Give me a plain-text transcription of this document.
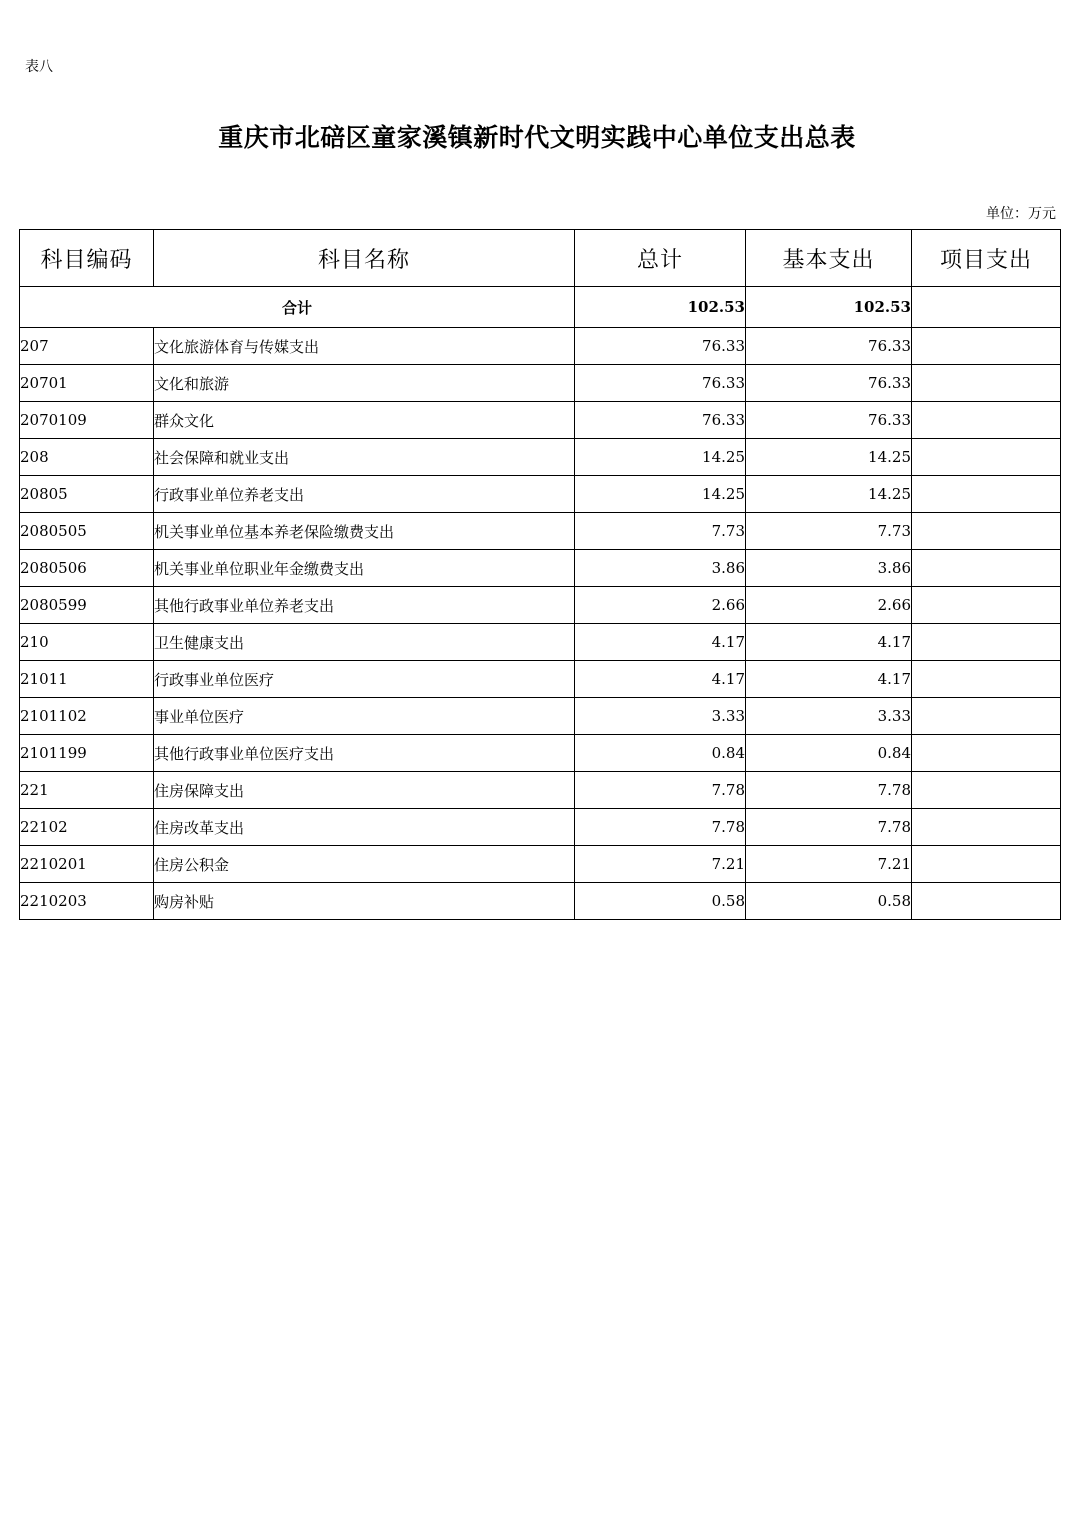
表八
重庆市北碚区童家溪镇新时代文明实践中心单位支出总表
单位：万元
科目编码	科目名称	总计	基本支出	项目支出
合计		102.53	102.53	
207	文化旅游体育与传媒支出	76.33	76.33	
20701	文化和旅游	76.33	76.33	
2070109	群众文化	76.33	76.33	
208	社会保障和就业支出	14.25	14.25	
20805	行政事业单位养老支出	14.25	14.25	
2080505	机关事业单位基本养老保险缴费支出	7.73	7.73	
2080506	机关事业单位职业年金缴费支出	3.86	3.86	
2080599	其他行政事业单位养老支出	2.66	2.66	
210	卫生健康支出	4.17	4.17	
21011	行政事业单位医疗	4.17	4.17	
2101102	事业单位医疗	3.33	3.33	
2101199	其他行政事业单位医疗支出	0.84	0.84	
221	住房保障支出	7.78	7.78	
22102	住房改革支出	7.78	7.78	
2210201	住房公积金	7.21	7.21	
2210203	购房补贴	0.58	0.58	
